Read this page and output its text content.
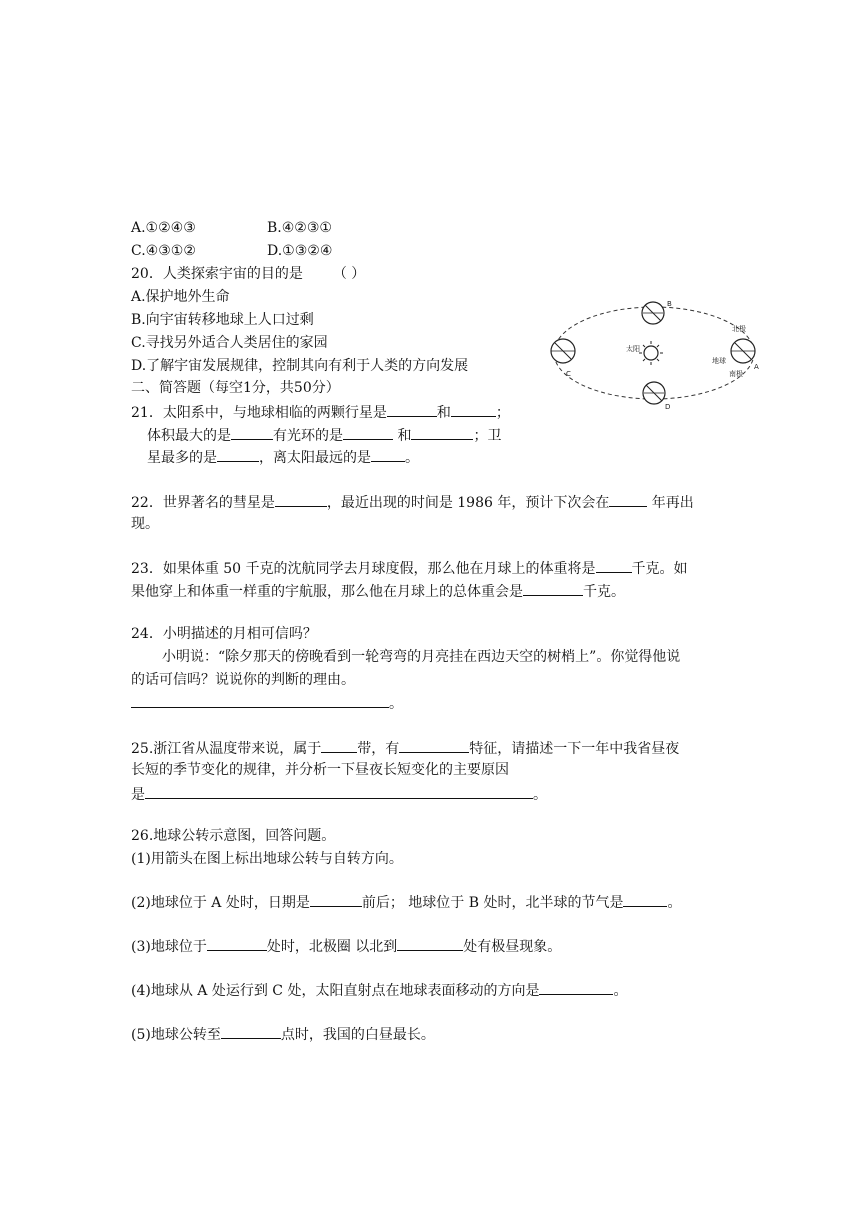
A.①②④③	B.④②③①
C.④③①②	D.①③②④
20．人类探索宇宙的目的是 （ ）
A.保护地外生命
B.向宇宙转移地球上人口过剩
C.寻找另外适合人类居住的家园
D.了解宇宙发展规律，控制其向有利于人类的方向发展
二、简答题（每空1分，共50分）
21．太阳系中，与地球相临的两颗行星是	和	；
体积最大的是	有光环的是	和	；卫
星最多的是	，离太阳最远的是 。
22．世界著名的彗星是	，最近出现的时间是 1986 年，预计下次会在	年再出
现。
23．如果体重 50 千克的沈航同学去月球度假，那么他在月球上的体重将是	千克。如
果他穿上和体重一样重的宇航服，那么他在月球上的总体重会是	千克。
24．小明描述的月相可信吗？
小明说：“除夕那天的傍晚看到一轮弯弯的月亮挂在西边天空的树梢上”。你觉得他说
的话可信吗？说说你的判断的理由。
。
25.浙江省从温度带来说，属于	带，有	特征，请描述一下一年中我省昼夜
长短的季节变化的规律，并分析一下昼夜长短变化的主要原因
是	。
26.地球公转示意图，回答问题。
(1)用箭头在图上标出地球公转与自转方向。
(2)地球位于 A 处时，日期是	前后； 地球位于 B 处时，北半球的节气是	。
(3)地球位于	处时，北极圈 以北到	处有极昼现象。
(4)地球从 A 处运行到 C 处，太阳直射点在地球表面移动的方向是	。
(5)地球公转至	点时，我国的白昼最长。
太阳
B
D
C
北极
地球
南极
A
